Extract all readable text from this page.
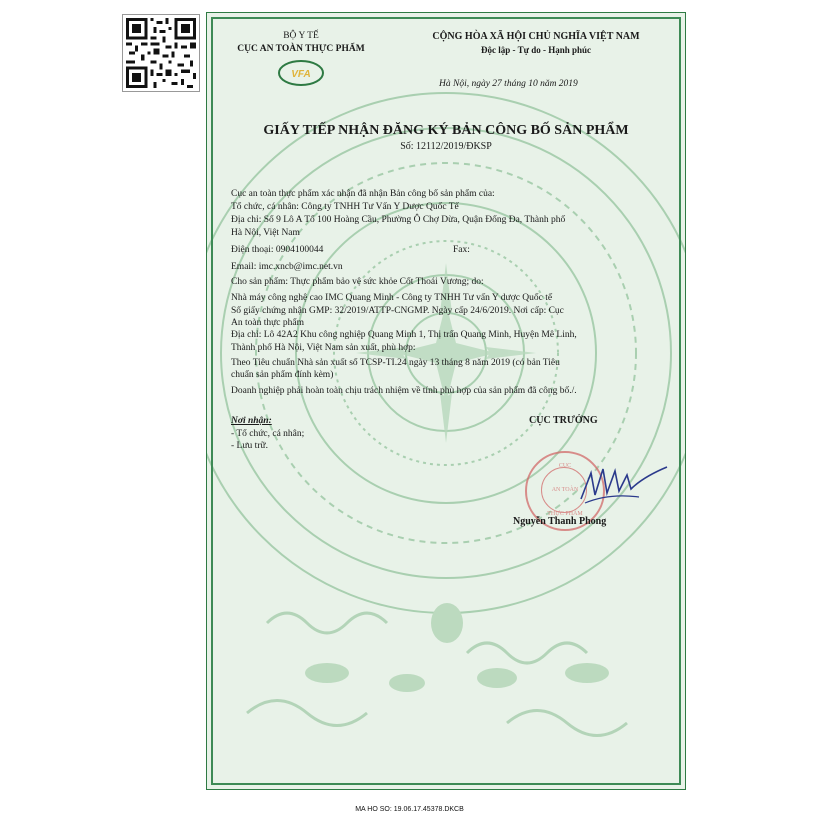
BỘ Y TẾ
CỤC AN TOÀN THỰC PHẨM
VFA
CỘNG HÒA XÃ HỘI CHỦ NGHĨA VIỆT NAM
Độc lập - Tự do - Hạnh phúc
Hà Nội, ngày 27 tháng 10 năm 2019
GIẤY TIẾP NHẬN ĐĂNG KÝ BẢN CÔNG BỐ SẢN PHẨM
Số: 12112/2019/ĐKSP
Cục an toàn thực phẩm xác nhận đã nhận Bản công bố sản phẩm của:
Tổ chức, cá nhân: Công ty TNHH Tư Vấn Y Dược Quốc Tế
Địa chỉ: Số 9 Lô A Tổ 100 Hoàng Cầu, Phường Ô Chợ Dừa, Quận Đống Đa, Thành phố
Hà Nội, Việt Nam
Điện thoại: 0904100044	Fax:
Email: imc.xncb@imc.net.vn
Cho sản phẩm: Thực phẩm bảo vệ sức khỏe Cốt Thoái Vương; do:
Nhà máy công nghệ cao IMC Quang Minh - Công ty TNHH Tư vấn Y dược Quốc tế
Số giấy chứng nhận GMP: 32/2019/ATTP-CNGMP. Ngày cấp 24/6/2019. Nơi cấp: Cục
An toàn thực phẩm
Địa chỉ: Lô 42A2 Khu công nghiệp Quang Minh 1, Thị trấn Quang Minh, Huyện Mê Linh,
Thành phố Hà Nội, Việt Nam sản xuất, phù hợp:
Theo Tiêu chuẩn Nhà sản xuất số TCSP-TI.24 ngày 13 tháng 8 năm 2019 (có bản Tiêu
chuẩn sản phẩm đính kèm)
Doanh nghiệp phải hoàn toàn chịu trách nhiệm về tính phù hợp của sản phẩm đã công bố./.
Nơi nhận:
- Tổ chức, cá nhân;
- Lưu trữ.
CỤC TRƯỞNG
CỤC
AN TOÀN
THỰC PHẨM
Nguyễn Thanh Phong
MA HO SO: 19.06.17.45378.DKCB
